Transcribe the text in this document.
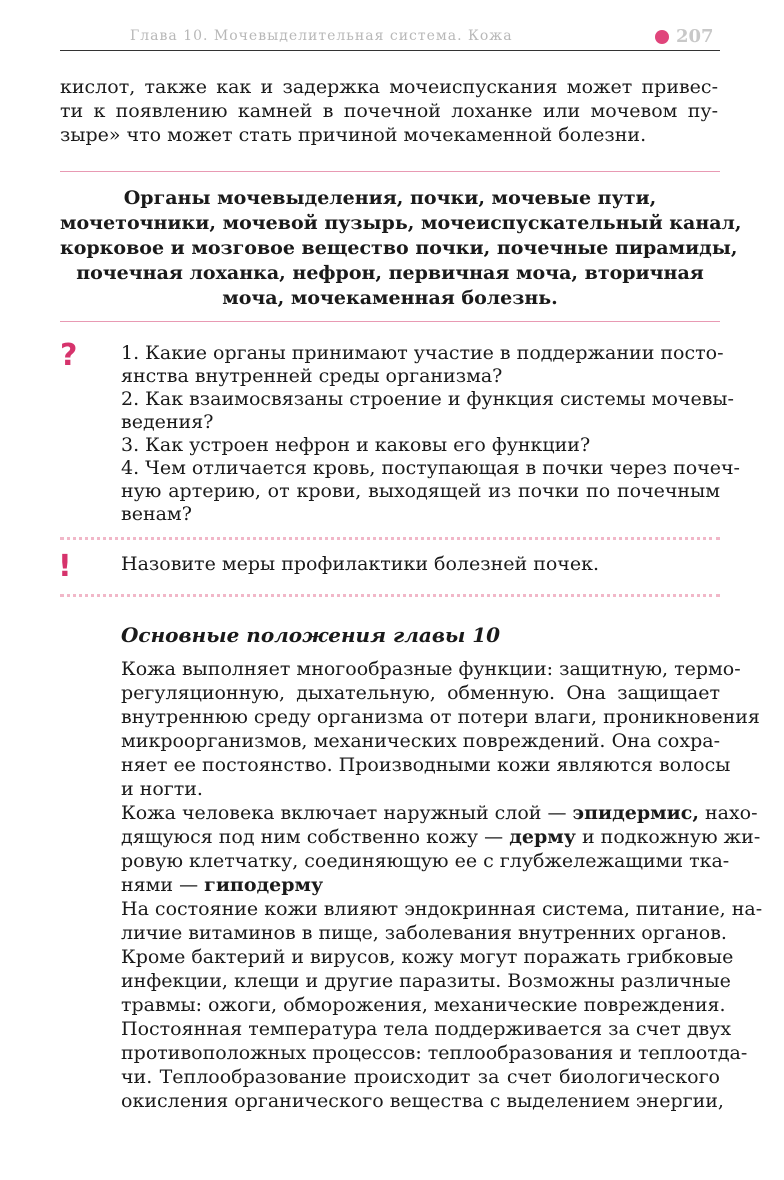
Глава 10. Мочевыделительная система. Кожа	207
кислот, также как и задержка мочеиспускания может привес-
ти к появлению камней в почечной лоханке или мочевом пу-
зыре» что может стать причиной мочекаменной болезни.
Органы мочевыделения, почки, мочевые пути,
мочеточники, мочевой пузырь, мочеиспускательный канал,
корковое и мозговое вещество почки, почечные пирамиды,
почечная лоханка, нефрон, первичная моча, вторичная
моча, мочекаменная болезнь.
? 1. Какие органы принимают участие в поддержании посто-
янства внутренней среды организма?
2. Как взаимосвязаны строение и функция системы мочевы-
ведения?
3. Как устроен нефрон и каковы его функции?
4. Чем отличается кровь, поступающая в почки через почеч-
ную артерию, от крови, выходящей из почки по почечным
венам?
!	Назовите меры профилактики болезней почек.
Основные положения главы 10
Кожа выполняет многообразные функции: защитную, термо-
регуляционную, дыхательную, обменную. Она защищает
внутреннюю среду организма от потери влаги, проникновения
микроорганизмов, механических повреждений. Она сохра-
няет ее постоянство. Производными кожи являются волосы
и ногти.
Кожа человека включает наружный слой — эпидермис, нахо-
дящуюся под ним собственно кожу — дерму и подкожную жи-
ровую клетчатку, соединяющую ее с глубжележащими тка-
нями — гиподерму
На состояние кожи влияют эндокринная система, питание, на-
личие витаминов в пище, заболевания внутренних органов.
Кроме бактерий и вирусов, кожу могут поражать грибковые
инфекции, клещи и другие паразиты. Возможны различные
травмы: ожоги, обморожения, механические повреждения.
Постоянная температура тела поддерживается за счет двух
противоположных процессов: теплообразования и теплоотда-
чи. Теплообразование происходит за счет биологического
окисления органического вещества с выделением энергии,
